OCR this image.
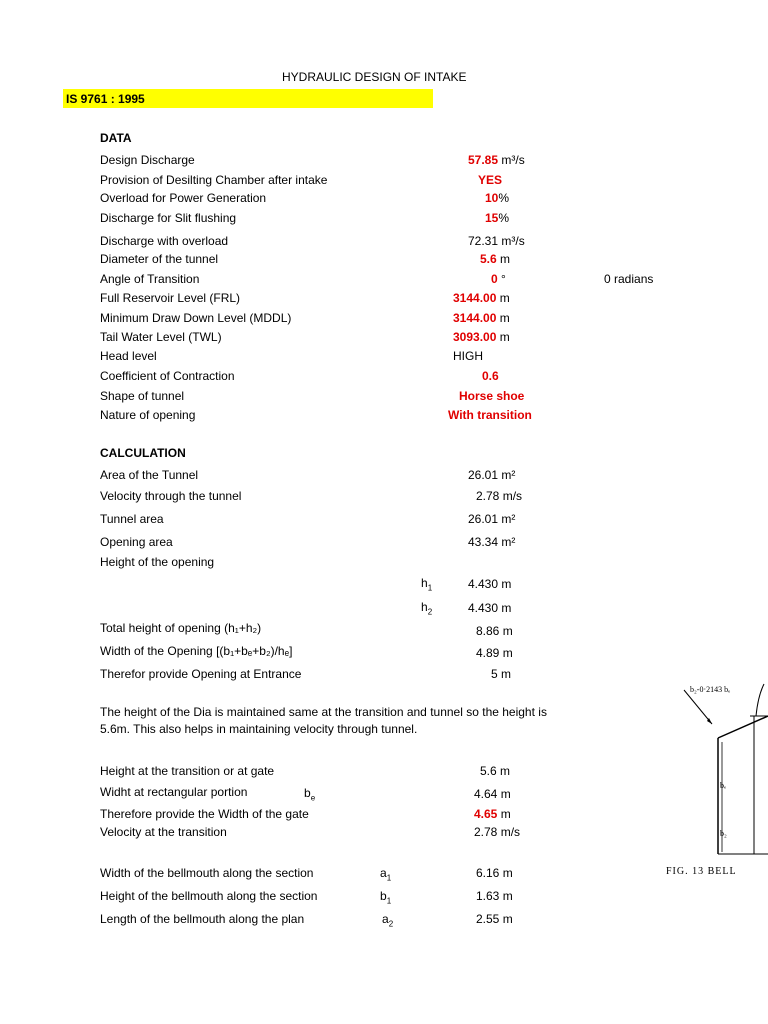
HYDRAULIC DESIGN OF INTAKE
IS 9761 : 1995
DATA
Design Discharge	57.85 m³/s
Provision of Desilting Chamber after intake	YES
Overload for Power Generation	10%
Discharge for Slit flushing	15%
Discharge with overload	72.31 m³/s
Diameter of the tunnel	5.6 m
Angle of Transition	0 °	0 radians
Full Reservoir Level (FRL)	3144.00 m
Minimum Draw Down Level (MDDL)	3144.00 m
Tail Water Level (TWL)	3093.00 m
Head level	HIGH
Coefficient of Contraction	0.6
Shape of tunnel	Horse shoe
Nature of opening	With transition
CALCULATION
Area of the Tunnel	26.01 m²
Velocity through the tunnel	2.78 m/s
Tunnel area	26.01 m²
Opening area	43.34 m²
Height of the opening
$h_1$	4.430 m
$h_2$	4.430 m
Total height of opening (h₁+h₂)	8.86 m
Width of the Opening [(b₁+bₑ+b₂)/hₑ]	4.89 m
Therefor provide Opening at Entrance	5 m
The height of the Dia is maintained same at the transition and tunnel so the height is 5.6m. This also helps in maintaining velocity through tunnel.
Height at the transition or at gate	5.6 m
Widht at rectangular portion	$b_e$	4.64 m
Therefore provide the Width of the gate	4.65 m
Velocity at the transition	2.78 m/s
Width of the bellmouth along the section	$a_1$	6.16 m
Height of the bellmouth along the section	$b_1$	1.63 m
Length of the bellmouth along the plan	$a_2$	2.55 m
b₂-0·2143 bₑ
bₑ
b₂
FIG. 13 BELL
